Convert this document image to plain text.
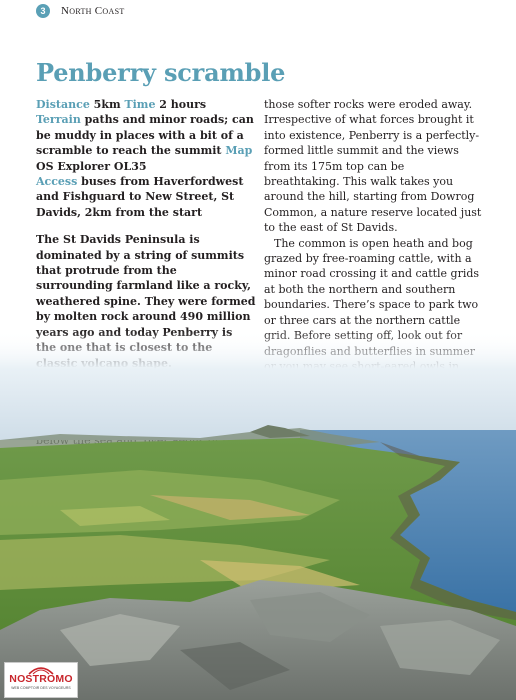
3	North Coast
Penberry scramble

Distance 5km Time 2 hours
Terrain paths and minor roads; can be muddy in places with a bit of a scramble to reach the summit Map OS Explorer OL35
Access buses from Haverfordwest and Fishguard to New Street, St Davids, 2km from the start

The St Davids Peninsula is dominated by a string of summits that protrude from the surrounding farmland like a rocky, weathered spine. They were formed by molten rock around 490 million

those softer rocks were eroded away. Irrespective of what forces brought it into existence, Penberry is a perfectly-formed little summit and the views from its 175m top can be breathtaking. This walk takes you around the hill, starting from Dowrog Common, a nature reserve located just to the east of St Davids.

The common is open heath and bog grazed by free-roaming cattle, with a minor road crossing it and cattle grids at both the northern and southern boundaries. There’s space to park two or three cars at the northern cattle

NOSTROMO
WEB COMPTOIR DES VOYAGEURS
